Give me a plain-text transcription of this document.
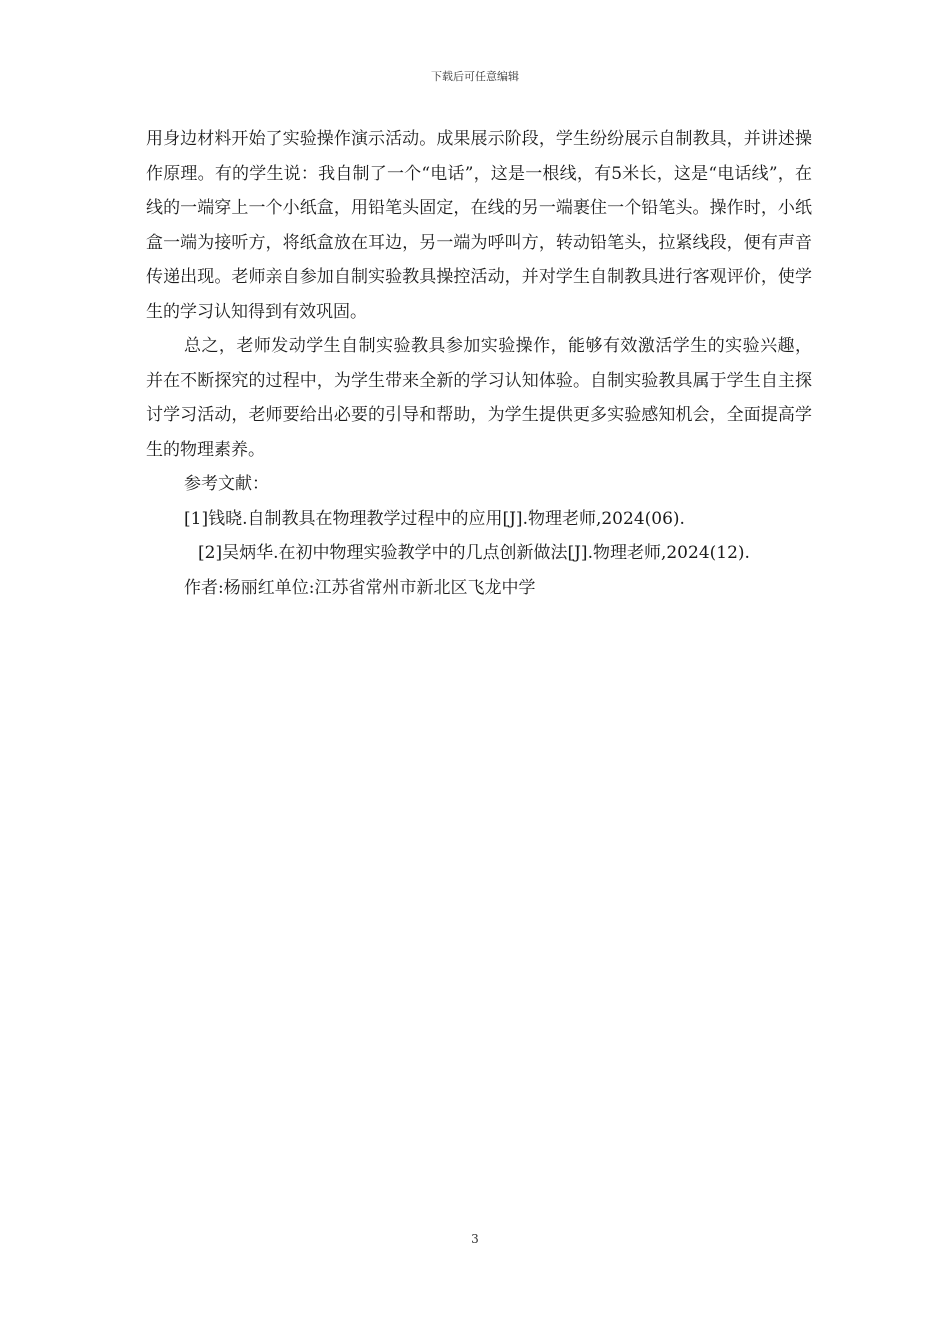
下载后可任意编辑

用身边材料开始了实验操作演示活动。成果展示阶段，学生纷纷展示自制教具，并讲述操作原理。有的学生说：我自制了一个“电话”，这是一根线，有5米长，这是“电话线”，在线的一端穿上一个小纸盒，用铅笔头固定，在线的另一端裹住一个铅笔头。操作时，小纸盒一端为接听方，将纸盒放在耳边，另一端为呼叫方，转动铅笔头，拉紧线段，便有声音传递出现。老师亲自参加自制实验教具操控活动，并对学生自制教具进行客观评价，使学生的学习认知得到有效巩固。

总之，老师发动学生自制实验教具参加实验操作，能够有效激活学生的实验兴趣，并在不断探究的过程中，为学生带来全新的学习认知体验。自制实验教具属于学生自主探讨学习活动，老师要给出必要的引导和帮助，为学生提供更多实验感知机会，全面提高学生的物理素养。

参考文献：

[1]钱晓.自制教具在物理教学过程中的应用[J].物理老师,2024(06).

[2]吴炳华.在初中物理实验教学中的几点创新做法[J].物理老师,2024(12).

作者:杨丽红单位:江苏省常州市新北区飞龙中学

3
